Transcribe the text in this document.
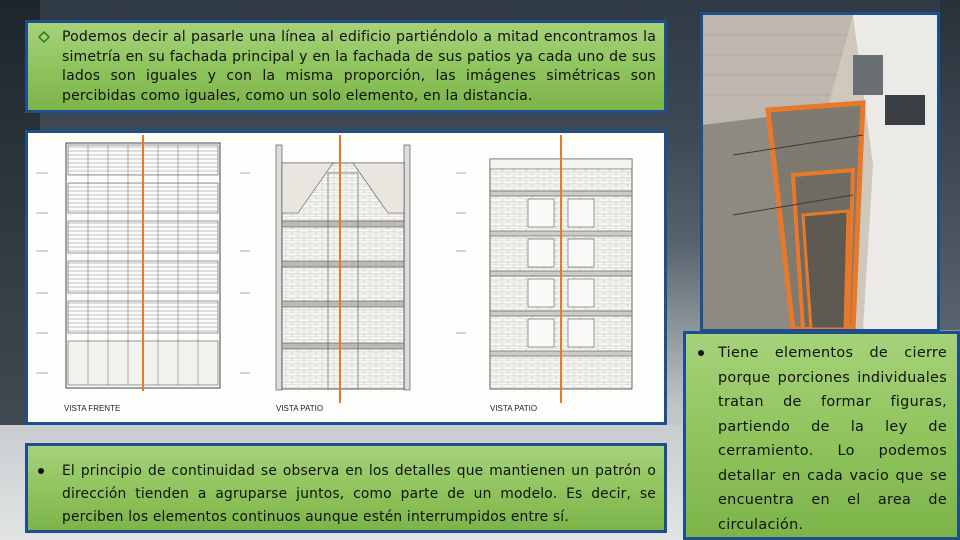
Podemos decir al pasarle una línea al edificio partiéndolo a mitad encontramos la simetría en su fachada principal y en la fachada de sus patios ya cada uno de sus lados son iguales y con la misma proporción, las imágenes simétricas son percibidas como iguales, como un solo elemento, en la distancia.

VISTA FRENTE	VISTA PATIO	VISTA PATIO

El principio de continuidad se observa en los detalles que mantienen un patrón o dirección tienden a agruparse juntos, como parte de un modelo. Es decir, se perciben los elementos continuos aunque estén interrumpidos entre sí.

Tiene elementos de cierre porque porciones individuales tratan de formar figuras, partiendo de la ley de cerramiento. Lo podemos detallar en cada vacio que se encuentra en el area de circulación.
